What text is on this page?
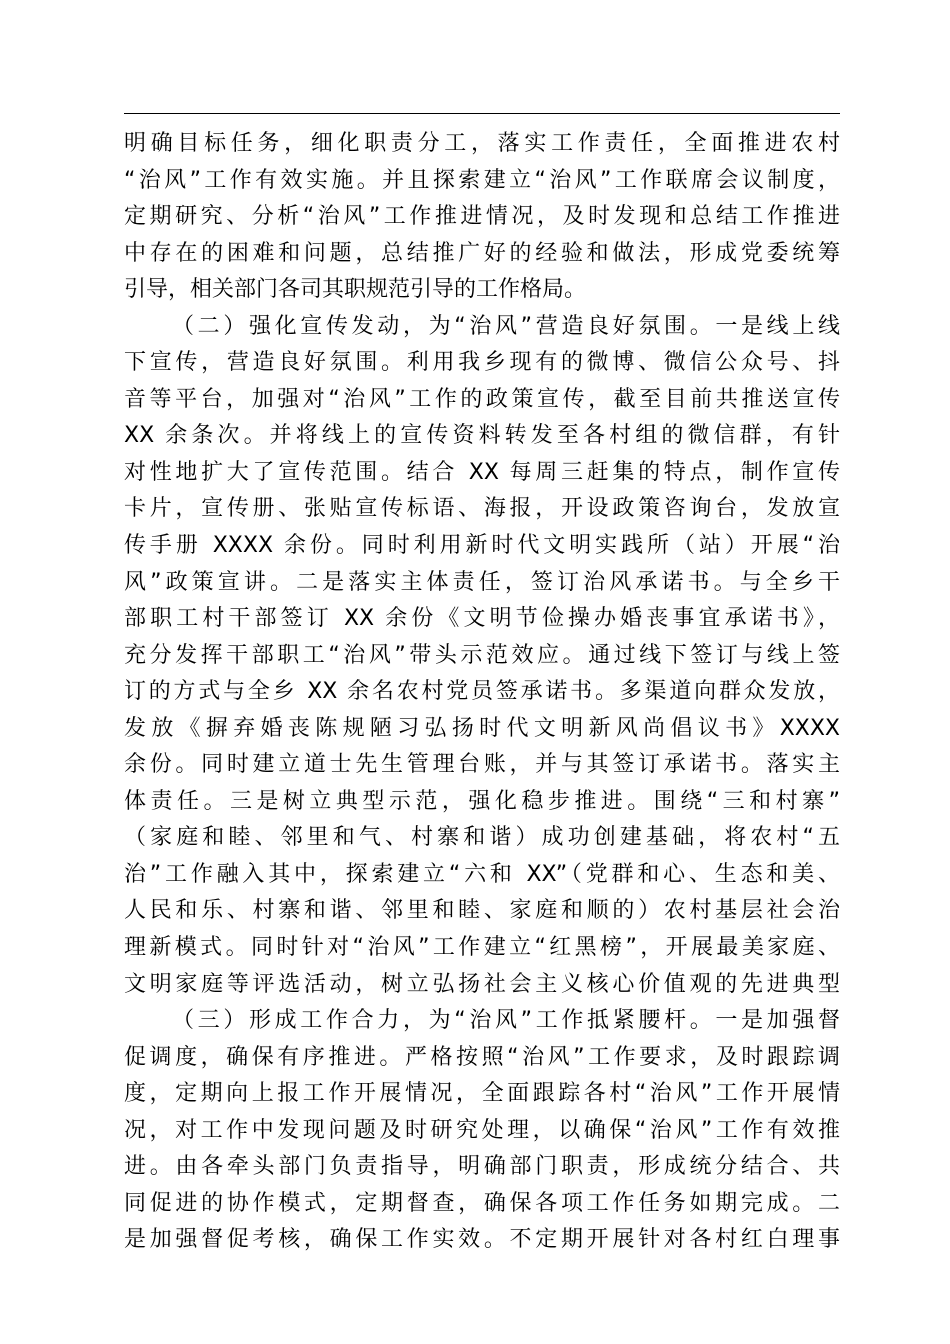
明确目标任务，细化职责分工，落实工作责任，全面推进农村
“治风”工作有效实施。并且探索建立“治风”工作联席会议制度，
定期研究、分析“治风”工作推进情况，及时发现和总结工作推进
中存在的困难和问题，总结推广好的经验和做法，形成党委统筹
引导，相关部门各司其职规范引导的工作格局。
（二）强化宣传发动，为“治风”营造良好氛围。一是线上线
下宣传，营造良好氛围。利用我乡现有的微博、微信公众号、抖
音等平台，加强对“治风”工作的政策宣传，截至目前共推送宣传
XX 余条次。并将线上的宣传资料转发至各村组的微信群，有针
对性地扩大了宣传范围。结合 XX 每周三赶集的特点，制作宣传
卡片，宣传册、张贴宣传标语、海报，开设政策咨询台，发放宣
传手册 XXXX 余份。同时利用新时代文明实践所（站）开展“治
风”政策宣讲。二是落实主体责任，签订治风承诺书。与全乡干
部职工村干部签订 XX 余份《文明节俭操办婚丧事宜承诺书》，
充分发挥干部职工“治风”带头示范效应。通过线下签订与线上签
订的方式与全乡 XX 余名农村党员签承诺书。多渠道向群众发放，
发放《摒弃婚丧陈规陋习弘扬时代文明新风尚倡议书》XXXX
余份。同时建立道士先生管理台账，并与其签订承诺书。落实主
体责任。三是树立典型示范，强化稳步推进。围绕“三和村寨”
（家庭和睦、邻里和气、村寨和谐）成功创建基础，将农村“五
治”工作融入其中，探索建立“六和 XX”（党群和心、生态和美、
人民和乐、村寨和谐、邻里和睦、家庭和顺的）农村基层社会治
理新模式。同时针对“治风”工作建立“红黑榜”，开展最美家庭、
文明家庭等评选活动，树立弘扬社会主义核心价值观的先进典型
（三）形成工作合力，为“治风”工作抵紧腰杆。一是加强督
促调度，确保有序推进。严格按照“治风”工作要求，及时跟踪调
度，定期向上报工作开展情况，全面跟踪各村“治风”工作开展情
况，对工作中发现问题及时研究处理，以确保“治风”工作有效推
进。由各牵头部门负责指导，明确部门职责，形成统分结合、共
同促进的协作模式，定期督查，确保各项工作任务如期完成。二
是加强督促考核，确保工作实效。不定期开展针对各村红白理事
